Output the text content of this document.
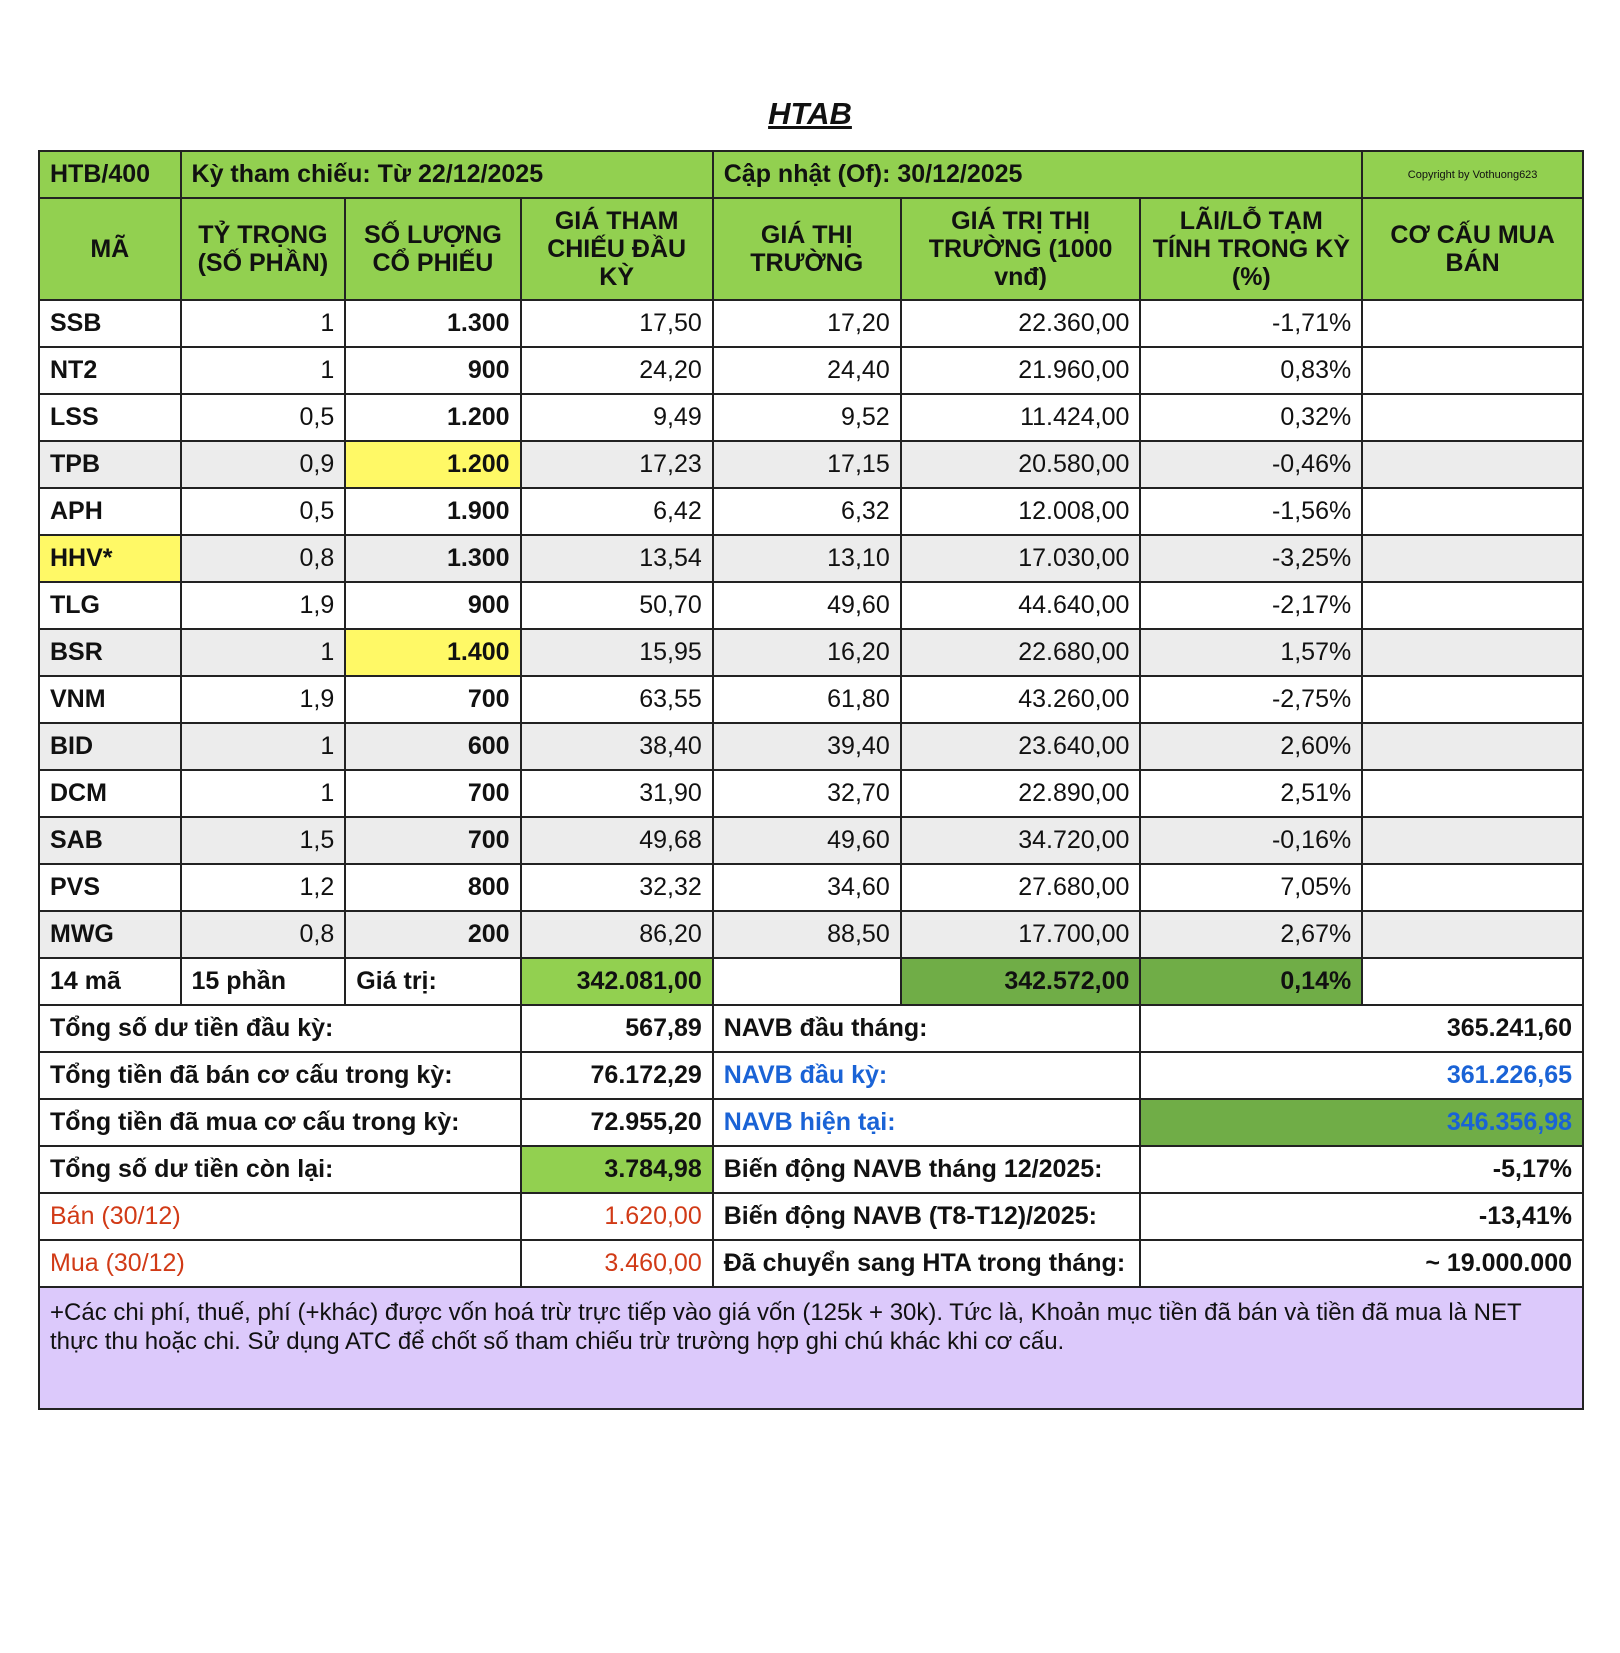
HTAB
HTB/400	Kỳ tham chiếu: Từ 22/12/2025			Cập nhật (Of): 30/12/2025			Copyright by Vothuong623
MÃ	TỶ TRỌNG (SỐ PHẦN)	SỐ LƯỢNG CỔ PHIẾU	GIÁ THAM CHIẾU ĐẦU KỲ	GIÁ THỊ TRƯỜNG	GIÁ TRỊ THỊ TRƯỜNG (1000 vnđ)	LÃI/LỖ TẠM TÍNH TRONG KỲ (%)	CƠ CẤU MUA BÁN
SSB	1	1.300	17,50	17,20	22.360,00	-1,71%	
NT2	1	900	24,20	24,40	21.960,00	0,83%	
LSS	0,5	1.200	9,49	9,52	11.424,00	0,32%	
TPB	0,9	1.200	17,23	17,15	20.580,00	-0,46%	
APH	0,5	1.900	6,42	6,32	12.008,00	-1,56%	
HHV*	0,8	1.300	13,54	13,10	17.030,00	-3,25%	
TLG	1,9	900	50,70	49,60	44.640,00	-2,17%	
BSR	1	1.400	15,95	16,20	22.680,00	1,57%	
VNM	1,9	700	63,55	61,80	43.260,00	-2,75%	
BID	1	600	38,40	39,40	23.640,00	2,60%	
DCM	1	700	31,90	32,70	22.890,00	2,51%	
SAB	1,5	700	49,68	49,60	34.720,00	-0,16%	
PVS	1,2	800	32,32	34,60	27.680,00	7,05%	
MWG	0,8	200	86,20	88,50	17.700,00	2,67%	
14 mã	15 phần	Giá trị:	342.081,00		342.572,00	0,14%	
Tổng số dư tiền đầu kỳ:			567,89	NAVB đầu tháng:		365.241,60	
Tổng tiền đã bán cơ cấu trong kỳ:			76.172,29	NAVB đầu kỳ:		361.226,65	
Tổng tiền đã mua cơ cấu trong kỳ:			72.955,20	NAVB hiện tại:		346.356,98	
Tổng số dư tiền còn lại:			3.784,98	Biến động NAVB tháng 12/2025:		-5,17%	
Bán (30/12)			1.620,00	Biến động NAVB (T8-T12)/2025:		-13,41%	
Mua (30/12)			3.460,00	Đã chuyển sang HTA trong tháng:		~ 19.000.000	
+Các chi phí, thuế, phí (+khác) được vốn hoá trừ trực tiếp vào giá vốn (125k + 30k). Tức là, Khoản mục tiền đã bán và tiền đã mua là NET thực thu hoặc chi. Sử dụng ATC để chốt số tham chiếu trừ trường hợp ghi chú khác khi cơ cấu.							
